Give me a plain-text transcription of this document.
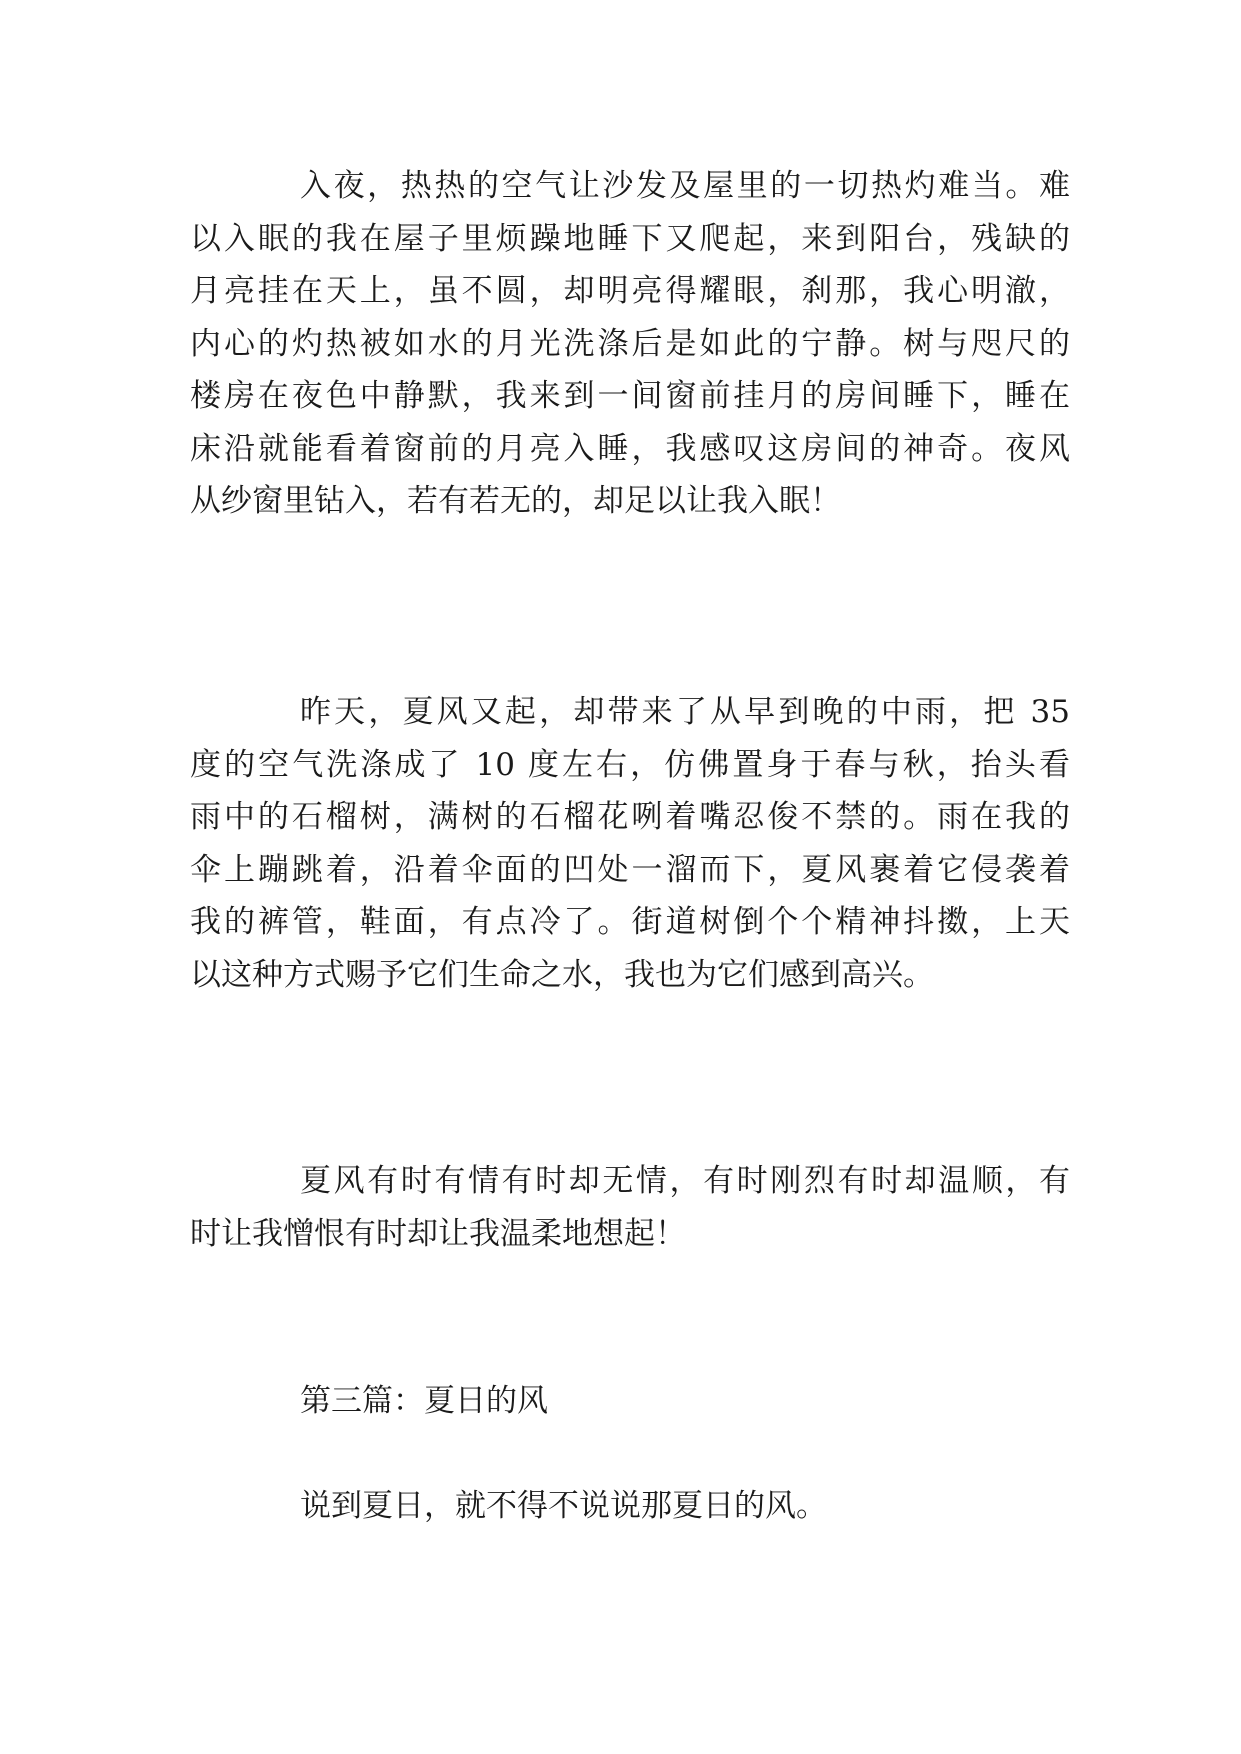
入夜，热热的空气让沙发及屋里的一切热灼难当。难
以入眠的我在屋子里烦躁地睡下又爬起，来到阳台，残缺的
月亮挂在天上，虽不圆，却明亮得耀眼，刹那，我心明澈，
内心的灼热被如水的月光洗涤后是如此的宁静。树与咫尺的
楼房在夜色中静默，我来到一间窗前挂月的房间睡下，睡在
床沿就能看着窗前的月亮入睡，我感叹这房间的神奇。夜风
从纱窗里钻入，若有若无的，却足以让我入眠！

昨天，夏风又起，却带来了从早到晚的中雨，把 35
度的空气洗涤成了 10 度左右，仿佛置身于春与秋，抬头看
雨中的石榴树，满树的石榴花咧着嘴忍俊不禁的。雨在我的
伞上蹦跳着，沿着伞面的凹处一溜而下，夏风裹着它侵袭着
我的裤管，鞋面，有点冷了。街道树倒个个精神抖擞，上天
以这种方式赐予它们生命之水，我也为它们感到高兴。

夏风有时有情有时却无情，有时刚烈有时却温顺，有
时让我憎恨有时却让我温柔地想起！

第三篇：夏日的风

说到夏日，就不得不说说那夏日的风。
